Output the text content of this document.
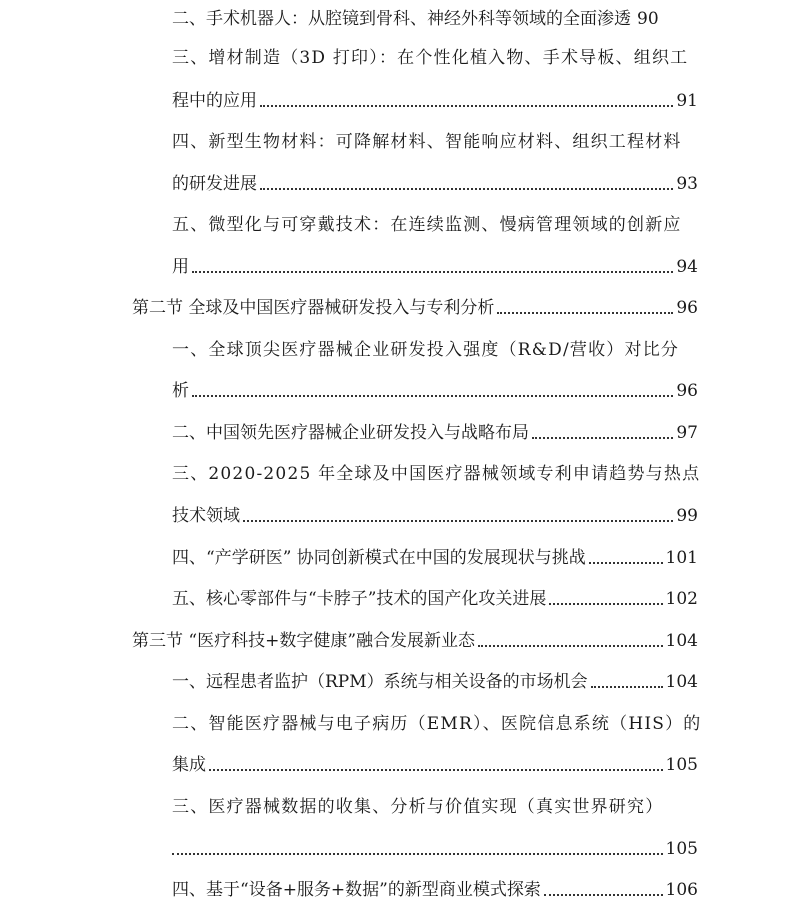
二、手术机器人：从腔镜到骨科、神经外科等领域的全面渗透 90
三、增材制造（3D 打印）：在个性化植入物、手术导板、组织工
程中的应用	91
四、新型生物材料：可降解材料、智能响应材料、组织工程材料
的研发进展	93
五、微型化与可穿戴技术：在连续监测、慢病管理领域的创新应
用	94
第二节 全球及中国医疗器械研发投入与专利分析	96
一、全球顶尖医疗器械企业研发投入强度（R&D/营收）对比分
析	96
二、中国领先医疗器械企业研发投入与战略布局	97
三、2020-2025 年全球及中国医疗器械领域专利申请趋势与热点
技术领域	99
四、“产学研医” 协同创新模式在中国的发展现状与挑战	101
五、核心零部件与“卡脖子”技术的国产化攻关进展	102
第三节 “医疗科技+数字健康”融合发展新业态	104
一、远程患者监护（RPM）系统与相关设备的市场机会	104
二、智能医疗器械与电子病历（EMR）、医院信息系统（HIS）的
集成	105
三、医疗器械数据的收集、分析与价值实现（真实世界研究）
105
四、基于“设备+服务+数据”的新型商业模式探索	106
